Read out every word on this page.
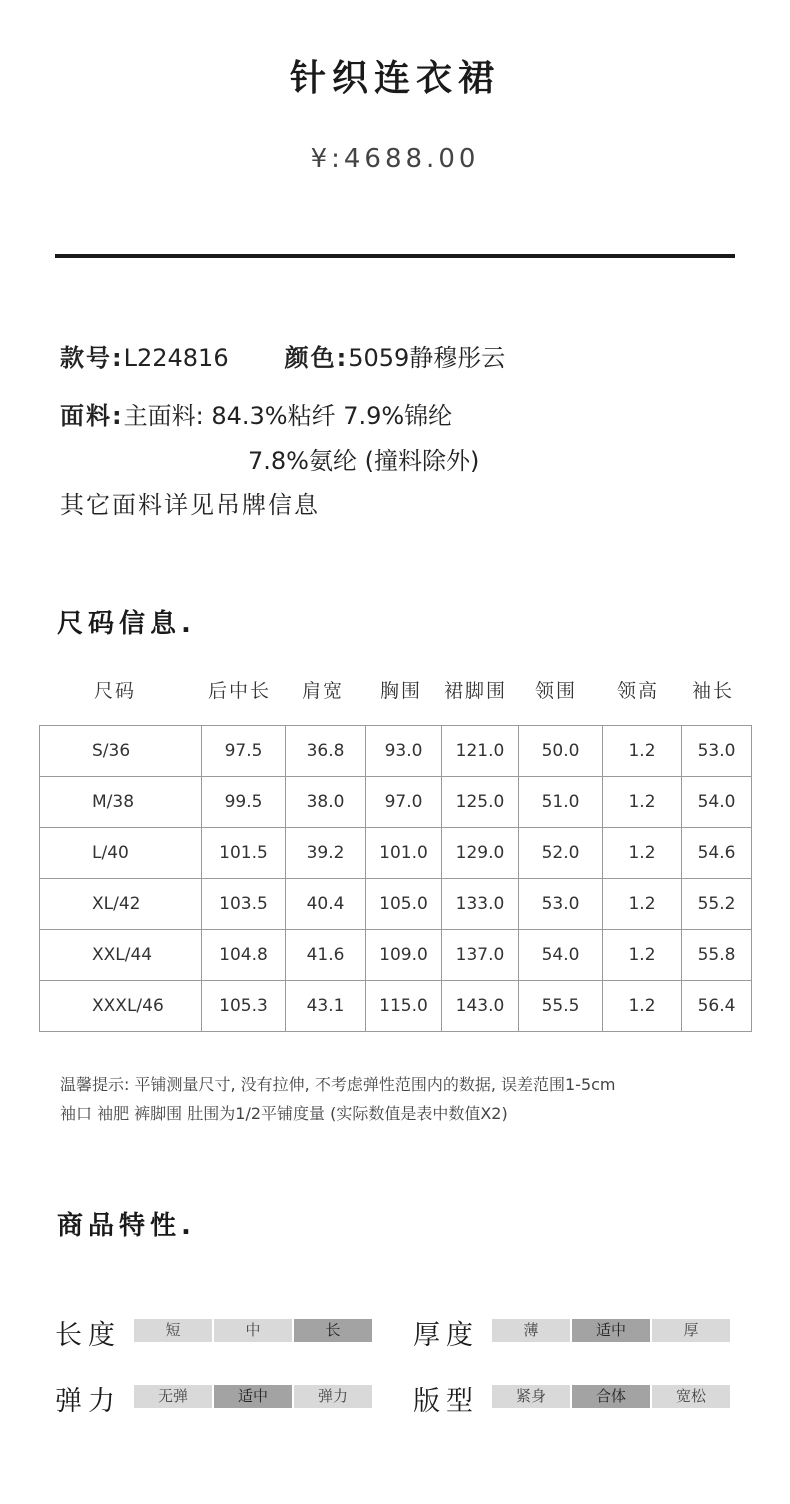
针织连衣裙
¥:4688.00
款号:L224816 颜色:5059静穆彤云
面料:主面料: 84.3%粘纤 7.9%锦纶
7.8%氨纶 (撞料除外)
其它面料详见吊牌信息
尺码信息.
尺码	后中长 肩宽 胸围 裙脚围 领围 领高 袖长
S/36	97.5	36.8	93.0	121.0	50.0	1.2	53.0
M/38	99.5	38.0	97.0	125.0	51.0	1.2	54.0
L/40	101.5	39.2	101.0	129.0	52.0	1.2	54.6
XL/42	103.5	40.4	105.0	133.0	53.0	1.2	55.2
XXL/44	104.8	41.6	109.0	137.0	54.0	1.2	55.8
XXXL/46	105.3	43.1	115.0	143.0	55.5	1.2	56.4
温馨提示: 平铺测量尺寸, 没有拉伸, 不考虑弹性范围内的数据, 误差范围1-5cm
袖口 袖肥 裤脚围 肚围为1/2平铺度量 (实际数值是表中数值X2)
商品特性.
长度	短	中	长	厚度	薄	适中	厚
弹力	无弹	适中	弹力	版型	紧身	合体	宽松
